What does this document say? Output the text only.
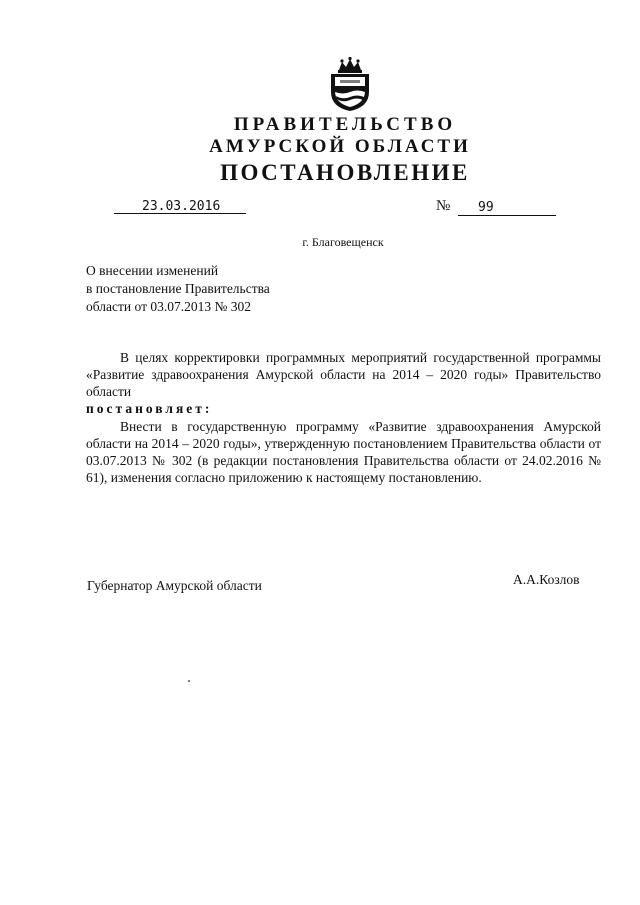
ПРАВИТЕЛЬСТВО
АМУРСКОЙ ОБЛАСТИ
ПОСТАНОВЛЕНИЕ
23.03.2016	№ 99
г. Благовещенск
О внесении изменений
в постановление Правительства
области от 03.07.2013 № 302
В целях корректировки программных мероприятий государственной программы «Развитие здравоохранения Амурской области на 2014 – 2020 годы» Правительство области
постановляет:
Внести в государственную программу «Развитие здравоохранения Амурской области на 2014 – 2020 годы», утвержденную постановлением Правительства области от 03.07.2013 № 302 (в редакции постановления Правительства области от 24.02.2016 № 61), изменения согласно приложению к настоящему постановлению.
Губернатор Амурской области	А.А.Козлов
